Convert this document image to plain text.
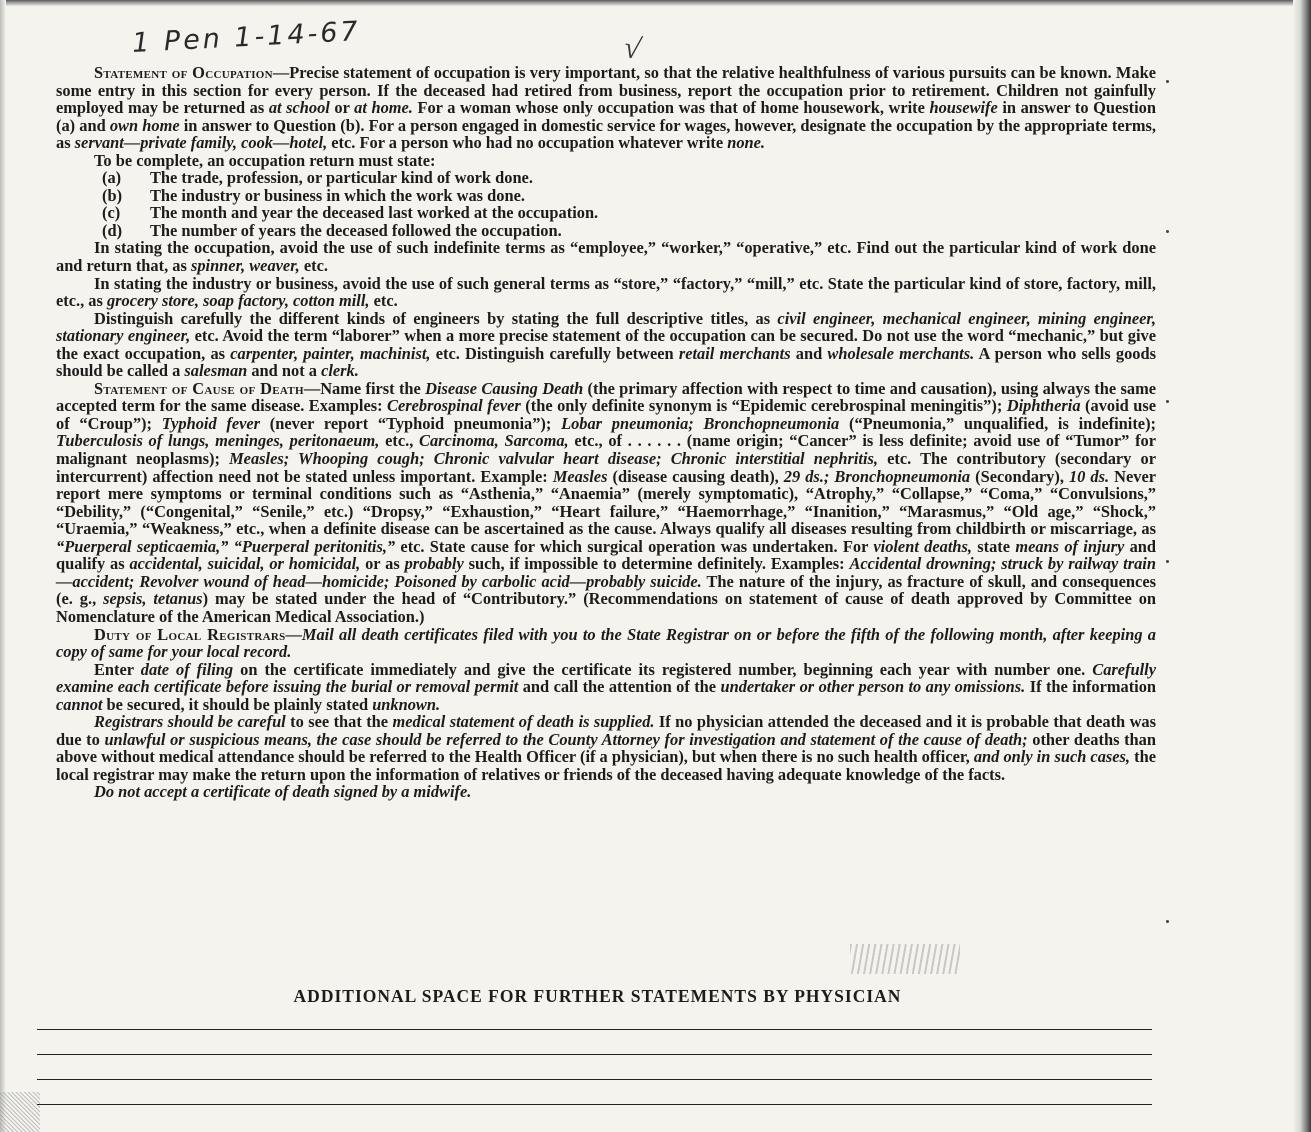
1 Pen 1-14-67	√

Statement of Occupation—Precise statement of occupation is very important, so that the relative healthfulness of various pursuits can be known. Make some entry in this section for every person. If the deceased had retired from business, report the occupation prior to retirement. Children not gainfully employed may be returned as at school or at home. For a woman whose only occupation was that of home housework, write housewife in answer to Question (a) and own home in answer to Question (b). For a person engaged in domestic service for wages, however, designate the occupation by the appropriate terms, as servant—private family, cook—hotel, etc. For a person who had no occupation whatever write none.

To be complete, an occupation return must state:

(a)	The trade, profession, or particular kind of work done.
(b)	The industry or business in which the work was done.
(c)	The month and year the deceased last worked at the occupation.
(d)	The number of years the deceased followed the occupation.

In stating the occupation, avoid the use of such indefinite terms as “employee,” “worker,” “operative,” etc. Find out the particular kind of work done and return that, as spinner, weaver, etc.

In stating the industry or business, avoid the use of such general terms as “store,” “factory,” “mill,” etc. State the particular kind of store, factory, mill, etc., as grocery store, soap factory, cotton mill, etc.

Distinguish carefully the different kinds of engineers by stating the full descriptive titles, as civil engineer, mechanical engineer, mining engineer, stationary engineer, etc. Avoid the term “laborer” when a more precise statement of the occupation can be secured. Do not use the word “mechanic,” but give the exact occupation, as carpenter, painter, machinist, etc. Distinguish carefully between retail merchants and wholesale merchants. A person who sells goods should be called a salesman and not a clerk.

Statement of Cause of Death—Name first the Disease Causing Death (the primary affection with respect to time and causation), using always the same accepted term for the same disease. Examples: Cerebrospinal fever (the only definite synonym is “Epidemic cerebrospinal meningitis”); Diphtheria (avoid use of “Croup”); Typhoid fever (never report “Typhoid pneumonia”); Lobar pneumonia; Bronchopneumonia (“Pneumonia,” unqualified, is indefinite); Tuberculosis of lungs, meninges, peritonaeum, etc., Carcinoma, Sarcoma, etc., of . . . . . . (name origin; “Cancer” is less definite; avoid use of “Tumor” for malignant neoplasms); Measles; Whooping cough; Chronic valvular heart disease; Chronic interstitial nephritis, etc. The contributory (secondary or intercurrent) affection need not be stated unless important. Example: Measles (disease causing death), 29 ds.; Bronchopneumonia (Secondary), 10 ds. Never report mere symptoms or terminal conditions such as “Asthenia,” “Anaemia” (merely symptomatic), “Atrophy,” “Collapse,” “Coma,” “Convulsions,” “Debility,” (“Congenital,” “Senile,” etc.) “Dropsy,” “Exhaustion,” “Heart failure,” “Haemorrhage,” “Inanition,” “Marasmus,” “Old age,” “Shock,” “Uraemia,” “Weakness,” etc., when a definite disease can be ascertained as the cause. Always qualify all diseases resulting from childbirth or miscarriage, as “Puerperal septicaemia,” “Puerperal peritonitis,” etc. State cause for which surgical operation was undertaken. For violent deaths, state means of injury and qualify as accidental, suicidal, or homicidal, or as probably such, if impossible to determine definitely. Examples: Accidental drowning; struck by railway train—accident; Revolver wound of head—homicide; Poisoned by carbolic acid—probably suicide. The nature of the injury, as fracture of skull, and consequences (e. g., sepsis, tetanus) may be stated under the head of “Contributory.” (Recommendations on statement of cause of death approved by Committee on Nomenclature of the American Medical Association.)

Duty of Local Registrars—Mail all death certificates filed with you to the State Registrar on or before the fifth of the following month, after keeping a copy of same for your local record.

Enter date of filing on the certificate immediately and give the certificate its registered number, beginning each year with number one. Carefully examine each certificate before issuing the burial or removal permit and call the attention of the undertaker or other person to any omissions. If the information cannot be secured, it should be plainly stated unknown.

Registrars should be careful to see that the medical statement of death is supplied. If no physician attended the deceased and it is probable that death was due to unlawful or suspicious means, the case should be referred to the County Attorney for investigation and statement of the cause of death; other deaths than above without medical attendance should be referred to the Health Officer (if a physician), but when there is no such health officer, and only in such cases, the local registrar may make the return upon the information of relatives or friends of the deceased having adequate knowledge of the facts.

Do not accept a certificate of death signed by a midwife.

ADDITIONAL SPACE FOR FURTHER STATEMENTS BY PHYSICIAN
